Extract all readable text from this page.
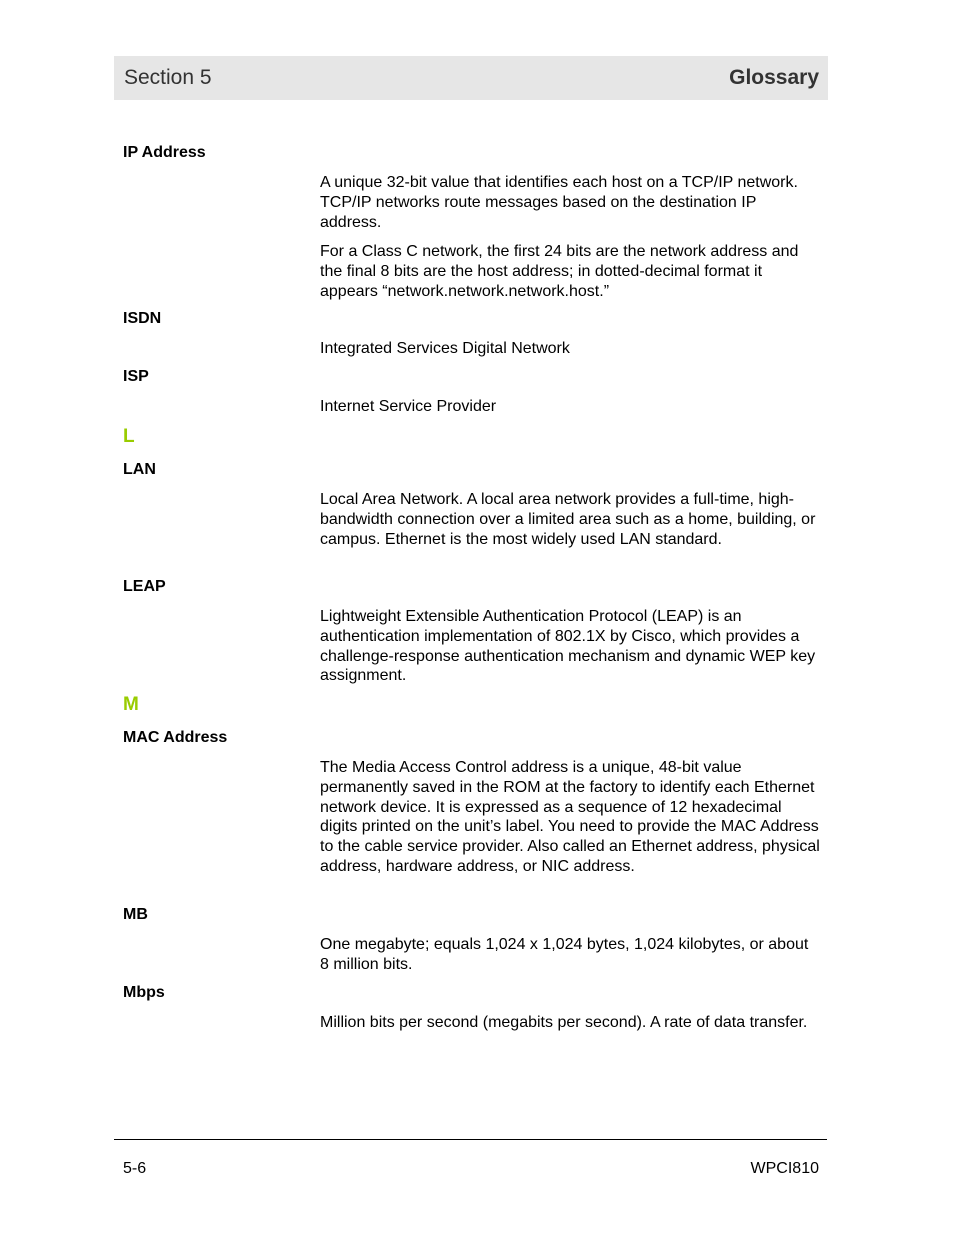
Section 5	Glossary
IP Address
A unique 32-bit value that identifies each host on a TCP/IP network. TCP/IP networks route messages based on the destination IP address.
For a Class C network, the first 24 bits are the network address and the final 8 bits are the host address; in dotted-decimal format it appears “network.network.network.host.”
ISDN
Integrated Services Digital Network
ISP
Internet Service Provider
L
LAN
Local Area Network. A local area network provides a full-time, high-bandwidth connection over a limited area such as a home, building, or campus. Ethernet is the most widely used LAN standard.
LEAP
Lightweight Extensible Authentication Protocol (LEAP) is an authentication implementation of 802.1X by Cisco, which provides a challenge-response authentication mechanism and dynamic WEP key assignment.
M
MAC Address
The Media Access Control address is a unique, 48-bit value permanently saved in the ROM at the factory to identify each Ethernet network device. It is expressed as a sequence of 12 hexadecimal digits printed on the unit’s label. You need to provide the MAC Address to the cable service provider. Also called an Ethernet address, physical address, hardware address, or NIC address.
MB
One megabyte; equals 1,024 x 1,024 bytes, 1,024 kilobytes, or about 8 million bits.
Mbps
Million bits per second (megabits per second). A rate of data transfer.
5-6	WPCI810
